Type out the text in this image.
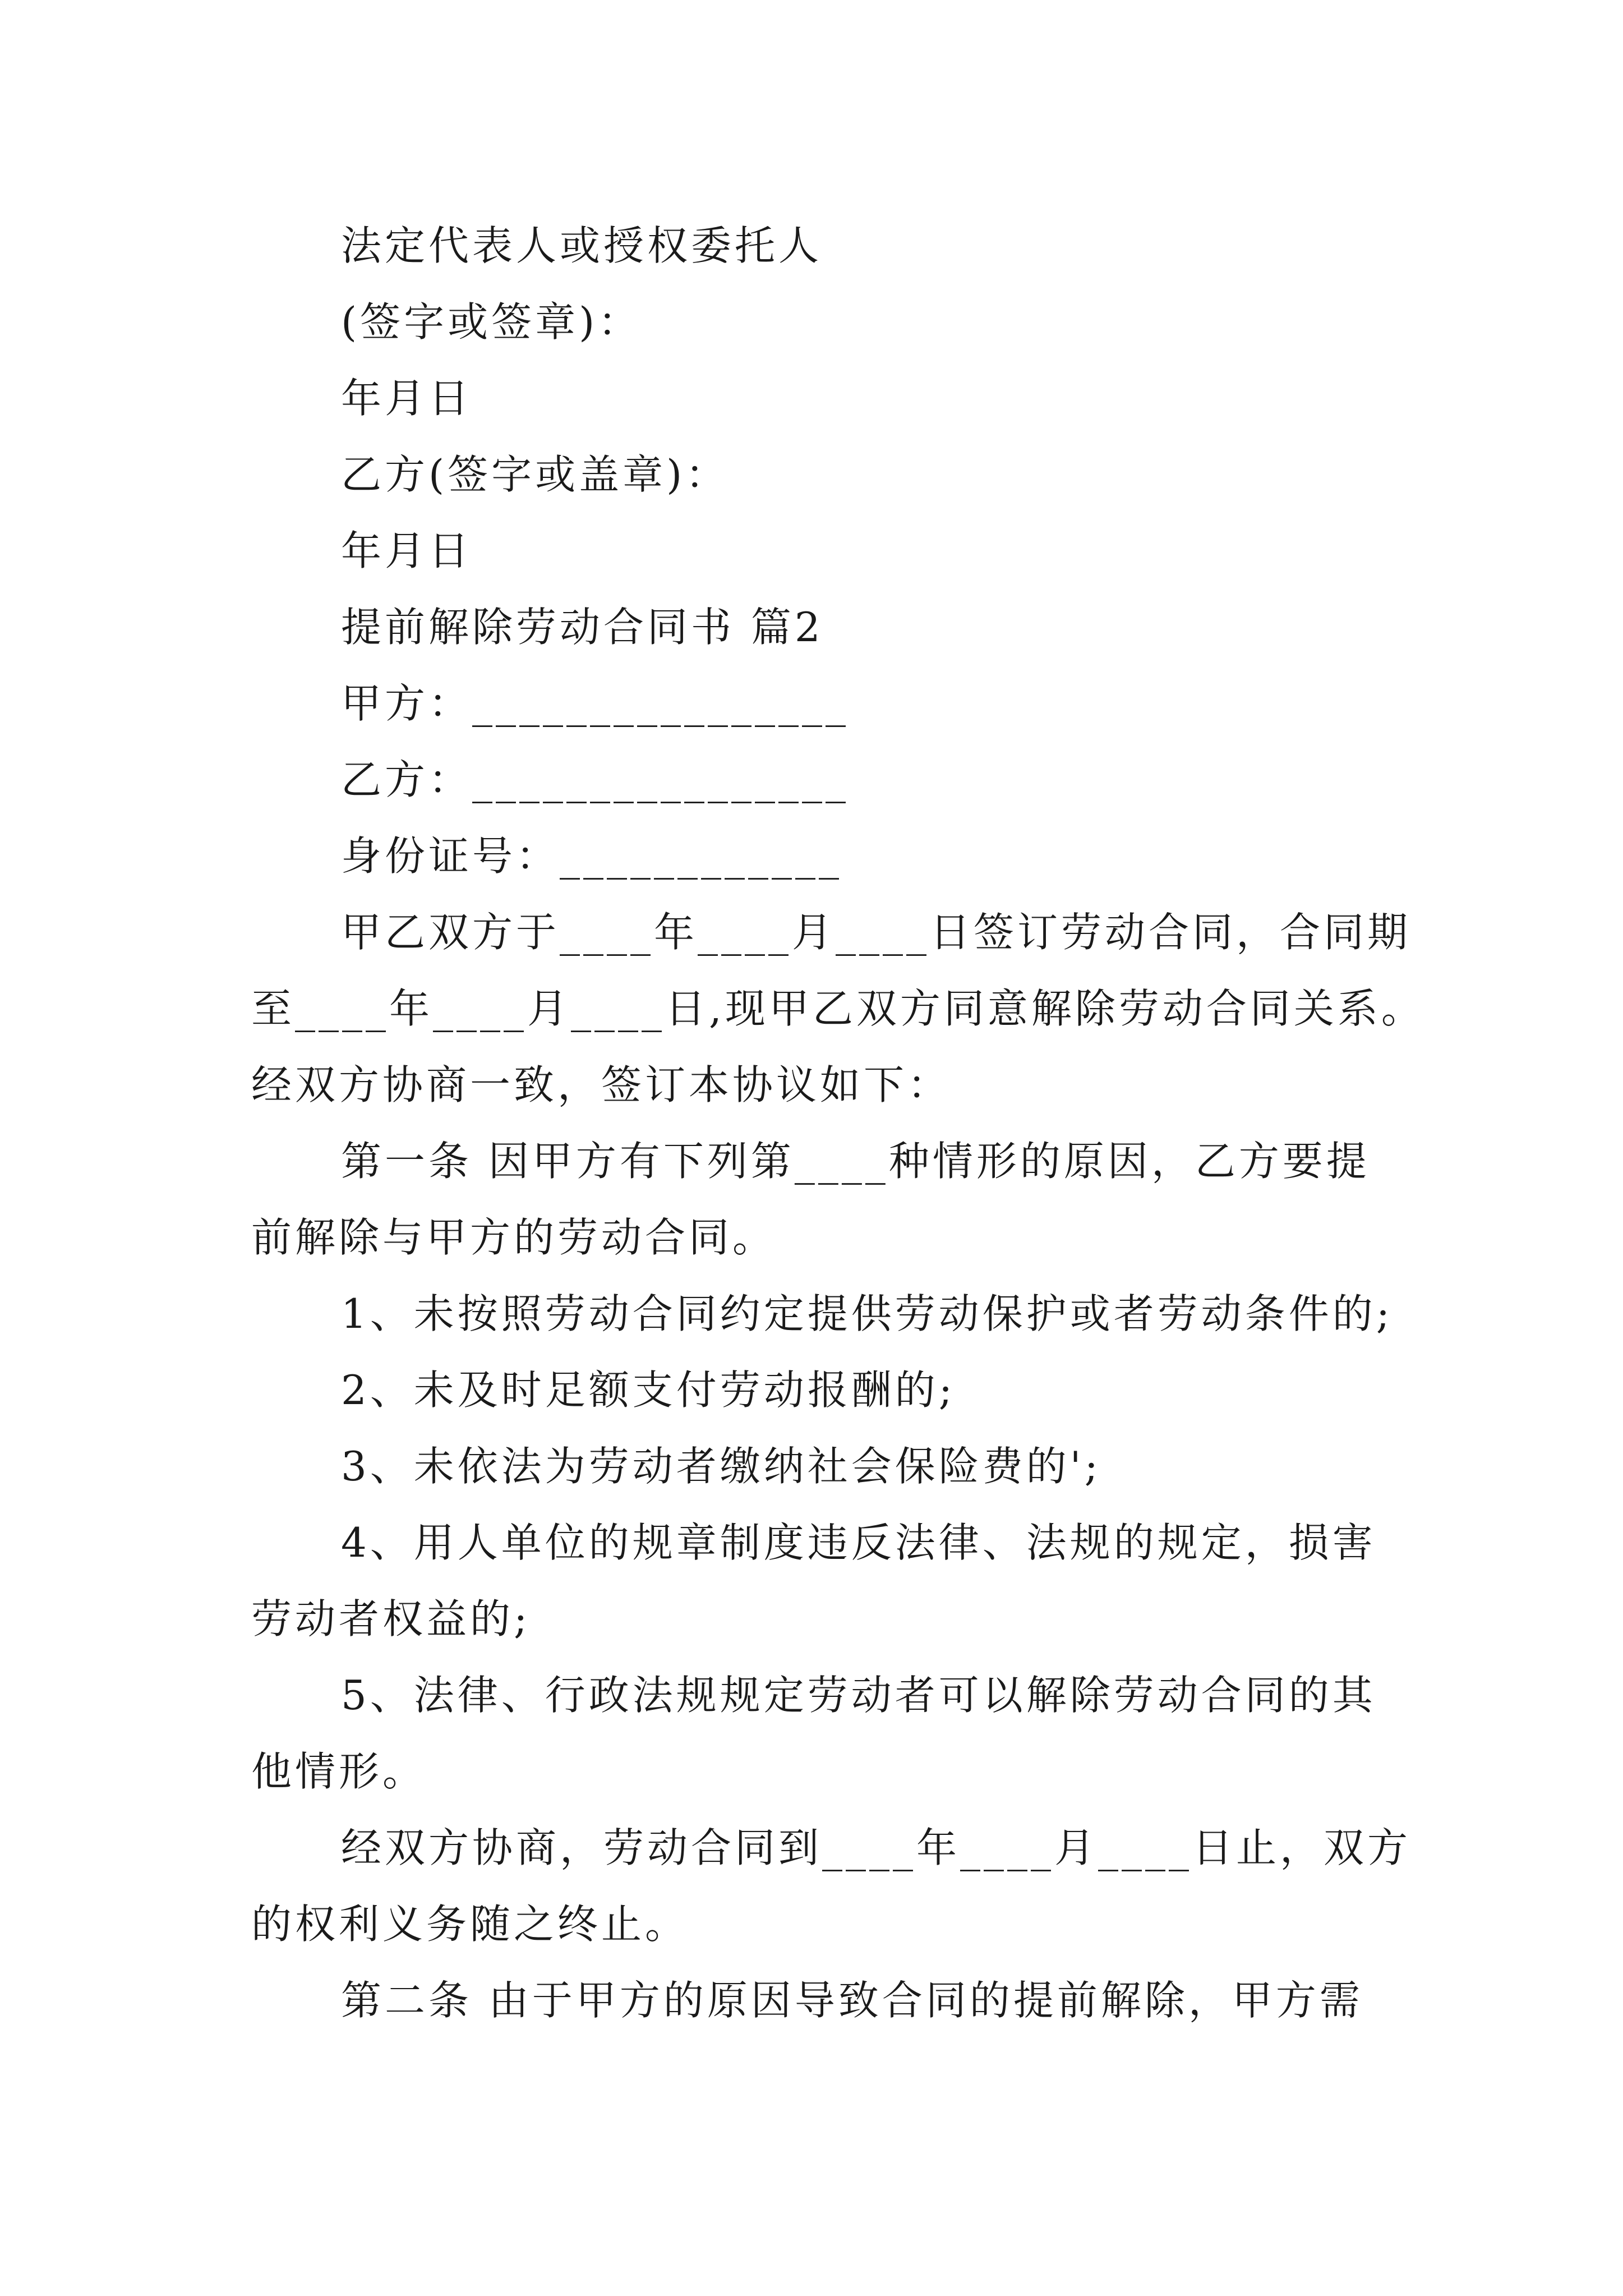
法定代表人或授权委托人
(签字或签章)：
年月日
乙方(签字或盖章)：
年月日
提前解除劳动合同书 篇2
甲方：________________
乙方：________________
身份证号：____________
甲乙双方于____年____月____日签订劳动合同，合同期
至____年____月____日,现甲乙双方同意解除劳动合同关系。
经双方协商一致，签订本协议如下：
第一条 因甲方有下列第____种情形的原因，乙方要提
前解除与甲方的劳动合同。
1、未按照劳动合同约定提供劳动保护或者劳动条件的;
2、未及时足额支付劳动报酬的;
3、未依法为劳动者缴纳社会保险费的';
4、用人单位的规章制度违反法律、法规的规定，损害
劳动者权益的;
5、法律、行政法规规定劳动者可以解除劳动合同的其
他情形。
经双方协商，劳动合同到____年____月____日止，双方
的权利义务随之终止。
第二条 由于甲方的原因导致合同的提前解除，甲方需
